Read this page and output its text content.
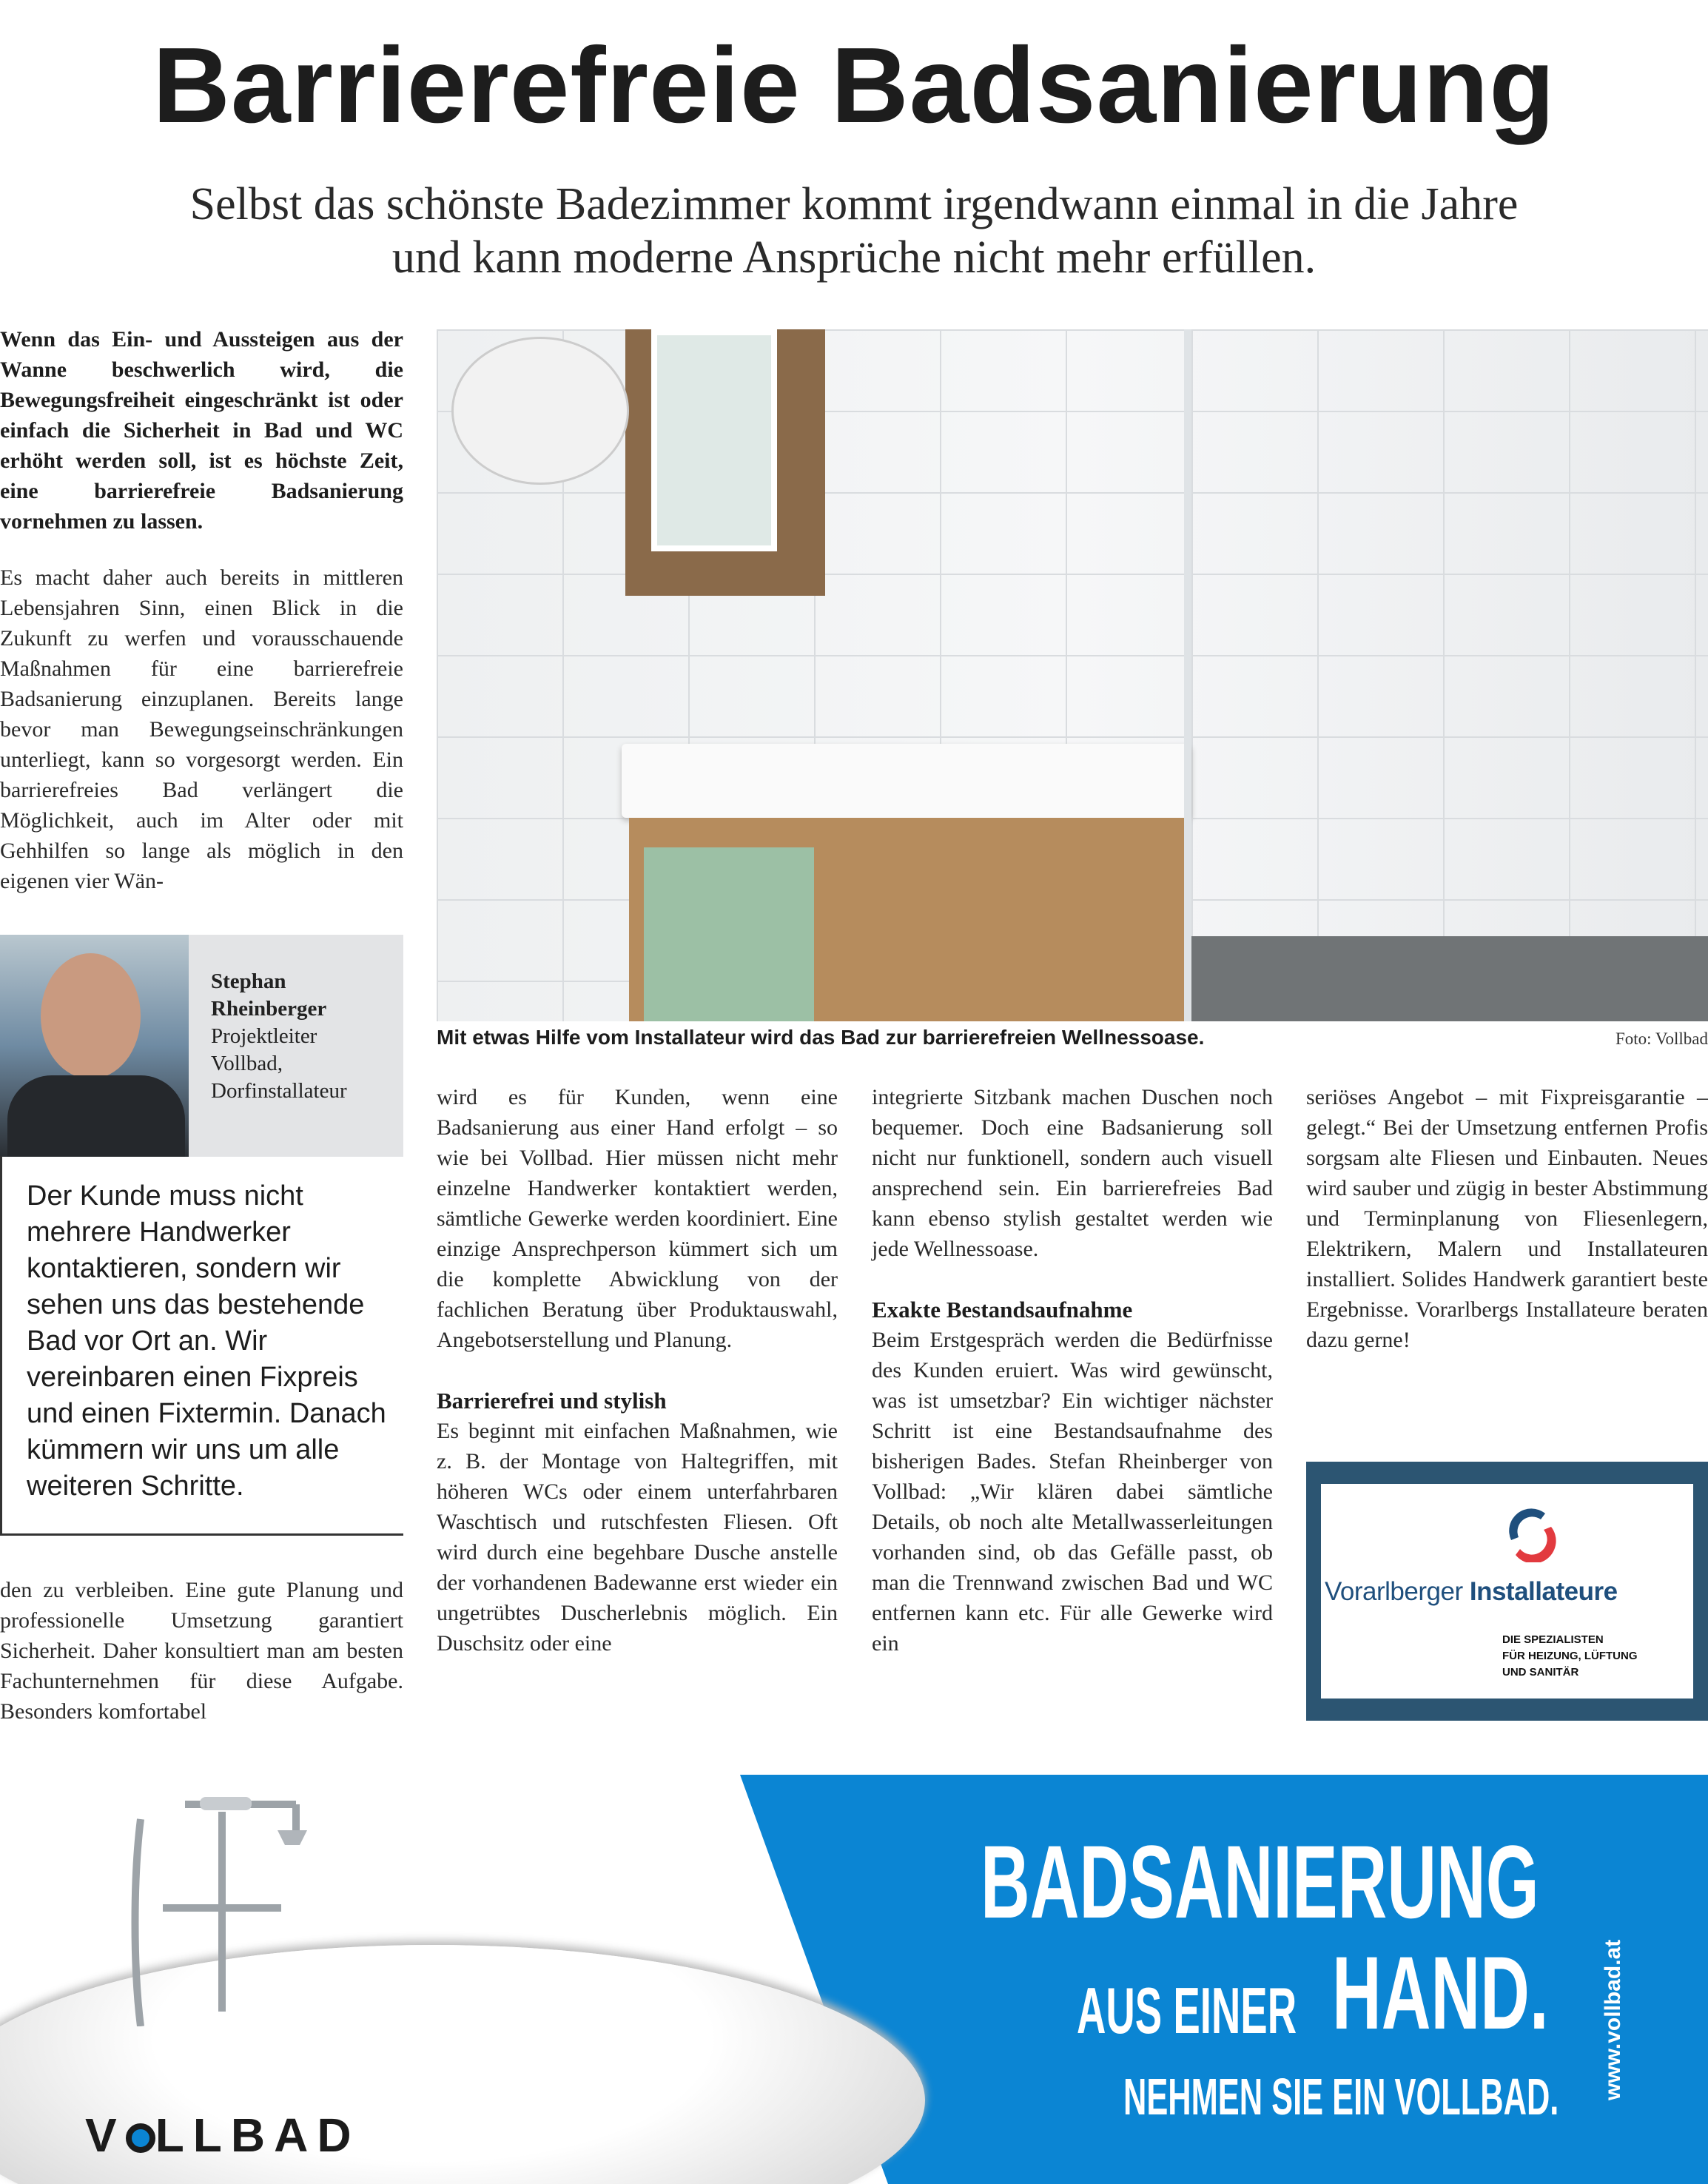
Barrierefreie Badsanierung
Selbst das schönste Badezimmer kommt irgendwann einmal in die Jahre
und kann moderne Ansprüche nicht mehr erfüllen.
Wenn das Ein- und Aussteigen aus der Wanne beschwerlich wird, die Bewegungsfreiheit eingeschränkt ist oder einfach die Sicherheit in Bad und WC erhöht werden soll, ist es höchste Zeit, eine barrierefreie Badsanierung vornehmen zu lassen.
Es macht daher auch bereits in mittleren Lebensjahren Sinn, einen Blick in die Zukunft zu werfen und vorausschauende Maßnahmen für eine barrierefreie Badsanierung einzuplanen. Bereits lange bevor man Bewegungseinschränkungen unterliegt, kann so vorgesorgt werden. Ein barrierefreies Bad verlängert die Möglichkeit, auch im Alter oder mit Gehhilfen so lange als möglich in den eigenen vier Wän-
Stephan Rheinberger
Projektleiter
Vollbad,
Dorfinstallateur
Der Kunde muss nicht mehrere Handwerker kontaktieren, sondern wir sehen uns das bestehende Bad vor Ort an. Wir vereinbaren einen Fixpreis und einen Fixtermin. Danach kümmern wir uns um alle weiteren Schritte.
den zu verbleiben. Eine gute Planung und professionelle Umsetzung garantiert Sicherheit. Daher konsultiert man am besten Fachunternehmen für diese Aufgabe. Besonders komfortabel
Mit etwas Hilfe vom Installateur wird das Bad zur barrierefreien Wellnessoase.	Foto: Vollbad
wird es für Kunden, wenn eine Badsanierung aus einer Hand erfolgt – so wie bei Vollbad. Hier müssen nicht mehr einzelne Handwerker kontaktiert werden, sämtliche Gewerke werden koordiniert. Eine einzige Ansprechperson kümmert sich um die komplette Abwicklung von der fachlichen Beratung über Produktauswahl, Angebotserstellung und Planung.
Barrierefrei und stylish
Es beginnt mit einfachen Maßnahmen, wie z. B. der Montage von Haltegriffen, mit höheren WCs oder einem unterfahrbaren Waschtisch und rutschfesten Fliesen. Oft wird durch eine begehbare Dusche anstelle der vorhandenen Badewanne erst wieder ein ungetrübtes Duscherlebnis möglich. Ein Duschsitz oder eine
integrierte Sitzbank machen Duschen noch bequemer. Doch eine Badsanierung soll nicht nur funktionell, sondern auch visuell ansprechend sein. Ein barrierefreies Bad kann ebenso stylish gestaltet werden wie jede Wellnessoase.
Exakte Bestandsaufnahme
Beim Erstgespräch werden die Bedürfnisse des Kunden eruiert. Was wird gewünscht, was ist umsetzbar? Ein wichtiger nächster Schritt ist eine Bestandsaufnahme des bisherigen Bades. Stefan Rheinberger von Vollbad: „Wir klären dabei sämtliche Details, ob noch alte Metallwasserleitungen vorhanden sind, ob das Gefälle passt, ob man die Trennwand zwischen Bad und WC entfernen kann etc. Für alle Gewerke wird ein
seriöses Angebot – mit Fixpreisgarantie – gelegt.“ Bei der Umsetzung entfernen Profis sorgsam alte Fliesen und Einbauten. Neues wird sauber und zügig in bester Abstimmung und Terminplanung von Fliesenlegern, Elektrikern, Malern und Installateuren installiert. Solides Handwerk garantiert beste Ergebnisse. Vorarlbergs Installateure beraten dazu gerne!
Vorarlberger Installateure
DIE SPEZIALISTEN
FÜR HEIZUNG, LÜFTUNG
UND SANITÄR
V LLBAD
BADSANIERUNG
AUS EINER HAND.
NEHMEN SIE EIN VOLLBAD. www.vollbad.at
